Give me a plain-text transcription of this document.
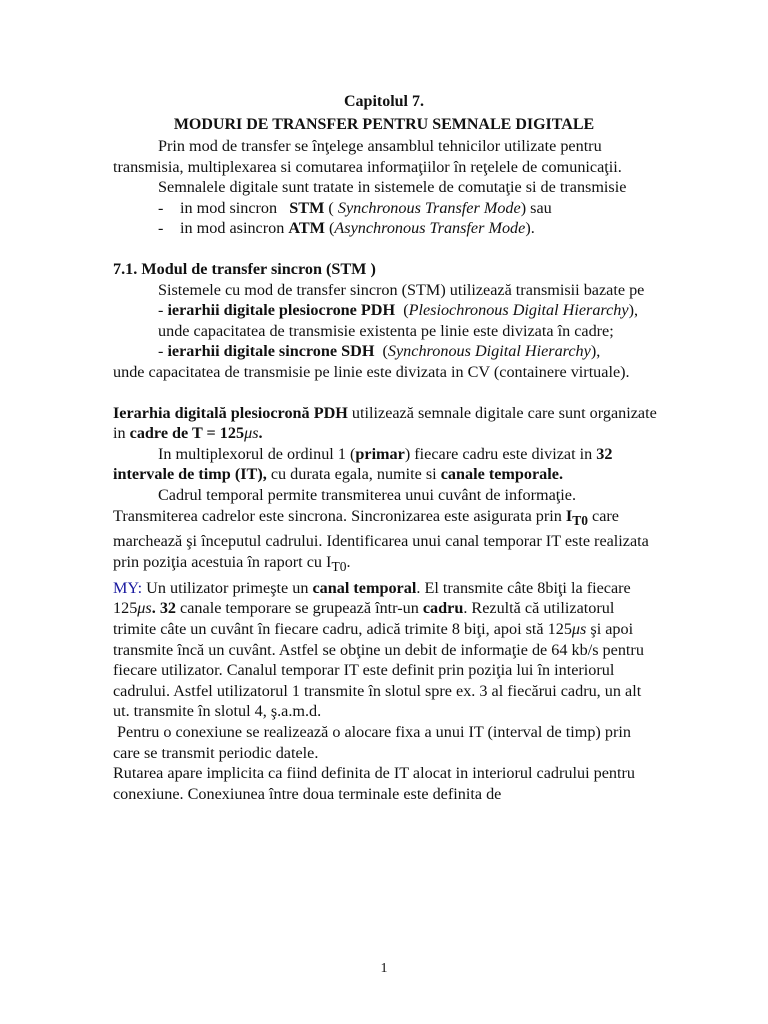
Capitolul 7.
MODURI DE TRANSFER PENTRU SEMNALE DIGITALE

Prin mod de transfer se înţelege ansamblul tehnicilor utilizate pentru transmisia, multiplexarea si comutarea informaţiilor în reţelele de comunicaţii.

Semnalele digitale sunt tratate in sistemele de comutaţie si de transmisie

- in mod sincron STM ( Synchronous Transfer Mode) sau

- in mod asincron ATM (Asynchronous Transfer Mode).

7.1. Modul de transfer sincron (STM )

Sistemele cu mod de transfer sincron (STM) utilizează transmisii bazate pe

- ierarhii digitale plesiocrone PDH (Plesiochronous Digital Hierarchy), unde capacitatea de transmisie existenta pe linie este divizata în cadre;

- ierarhii digitale sincrone SDH (Synchronous Digital Hierarchy),

unde capacitatea de transmisie pe linie este divizata in CV (containere virtuale).

Ierarhia digitală plesiocronă PDH utilizează semnale digitale care sunt organizate in cadre de T = 125μs.

In multiplexorul de ordinul 1 (primar) fiecare cadru este divizat in 32 intervale de timp (IT), cu durata egala, numite si canale temporale.

Cadrul temporal permite transmiterea unui cuvânt de informaţie. Transmiterea cadrelor este sincrona. Sincronizarea este asigurata prin $I_{T0}$ care marchează şi începutul cadrului. Identificarea unui canal temporar IT este realizata prin poziţia acestuia în raport cu $I_{T0}$.

MY: Un utilizator primeşte un canal temporal. El transmite câte 8biţi la fiecare 125μs. 32 canale temporare se grupează într-un cadru. Rezultă că utilizatorul trimite câte un cuvânt în fiecare cadru, adică trimite 8 biţi, apoi stă 125μs şi apoi transmite încă un cuvânt. Astfel se obţine un debit de informaţie de 64 kb/s pentru fiecare utilizator. Canalul temporar IT este definit prin poziţia lui în interiorul cadrului. Astfel utilizatorul 1 transmite în slotul spre ex. 3 al fiecărui cadru, un alt ut. transmite în slotul 4, ş.a.m.d.

Pentru o conexiune se realizează o alocare fixa a unui IT (interval de timp) prin care se transmit periodic datele.

Rutarea apare implicita ca fiind definita de IT alocat in interiorul cadrului pentru conexiune. Conexiunea între doua terminale este definita de

1
